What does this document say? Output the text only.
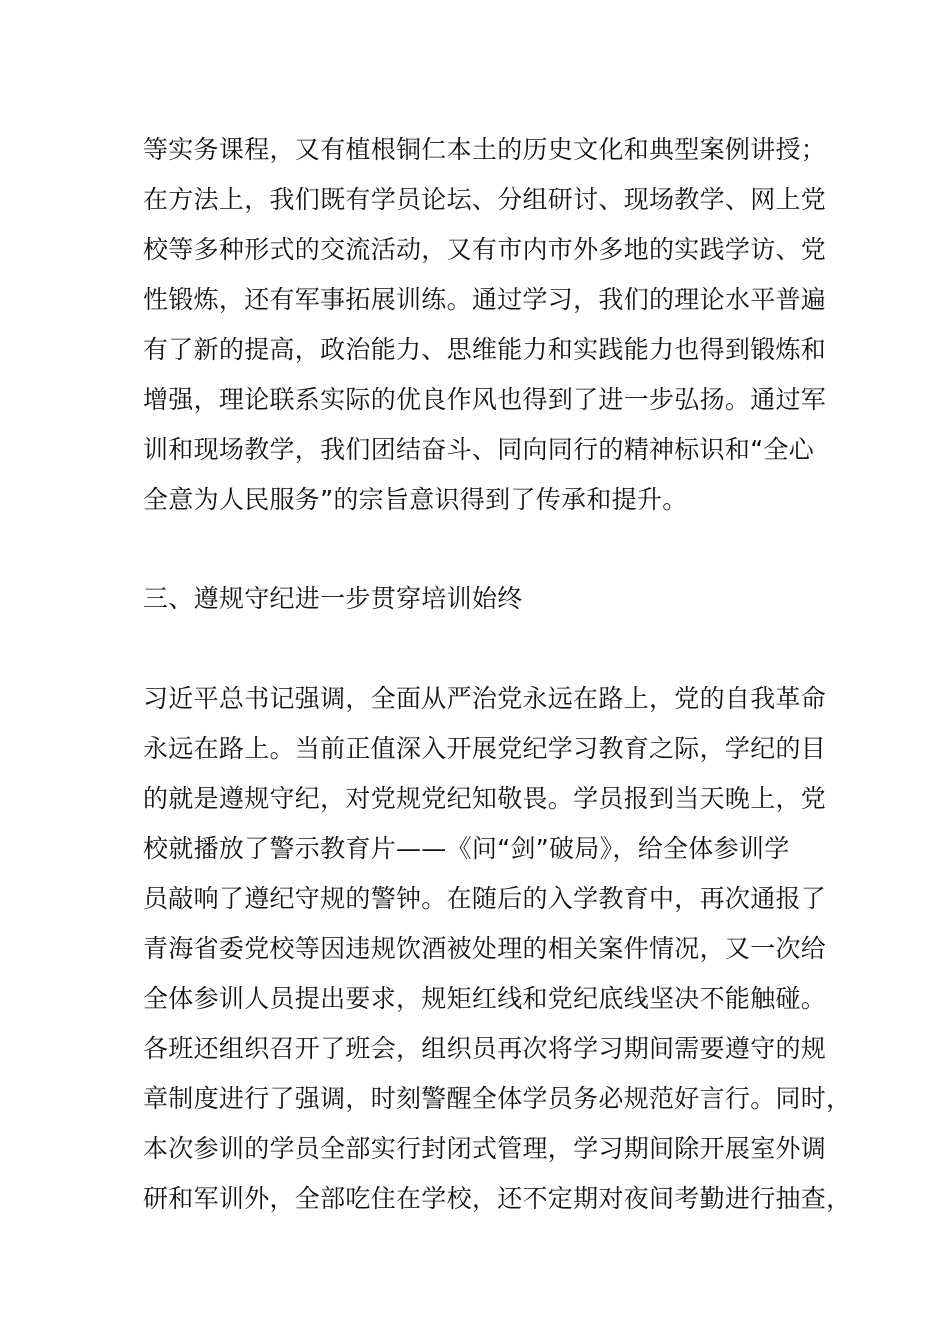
等实务课程，又有植根铜仁本土的历史文化和典型案例讲授；
在方法上，我们既有学员论坛、分组研讨、现场教学、网上党
校等多种形式的交流活动，又有市内市外多地的实践学访、党
性锻炼，还有军事拓展训练。通过学习，我们的理论水平普遍
有了新的提高，政治能力、思维能力和实践能力也得到锻炼和
增强，理论联系实际的优良作风也得到了进一步弘扬。通过军
训和现场教学，我们团结奋斗、同向同行的精神标识和“全心
全意为人民服务”的宗旨意识得到了传承和提升。
三、遵规守纪进一步贯穿培训始终
习近平总书记强调，全面从严治党永远在路上，党的自我革命
永远在路上。当前正值深入开展党纪学习教育之际，学纪的目
的就是遵规守纪，对党规党纪知敬畏。学员报到当天晚上，党
校就播放了警示教育片——《问“剑”破局》，给全体参训学
员敲响了遵纪守规的警钟。在随后的入学教育中，再次通报了
青海省委党校等因违规饮酒被处理的相关案件情况，又一次给
全体参训人员提出要求，规矩红线和党纪底线坚决不能触碰。
各班还组织召开了班会，组织员再次将学习期间需要遵守的规
章制度进行了强调，时刻警醒全体学员务必规范好言行。同时，
本次参训的学员全部实行封闭式管理，学习期间除开展室外调
研和军训外，全部吃住在学校，还不定期对夜间考勤进行抽查，
